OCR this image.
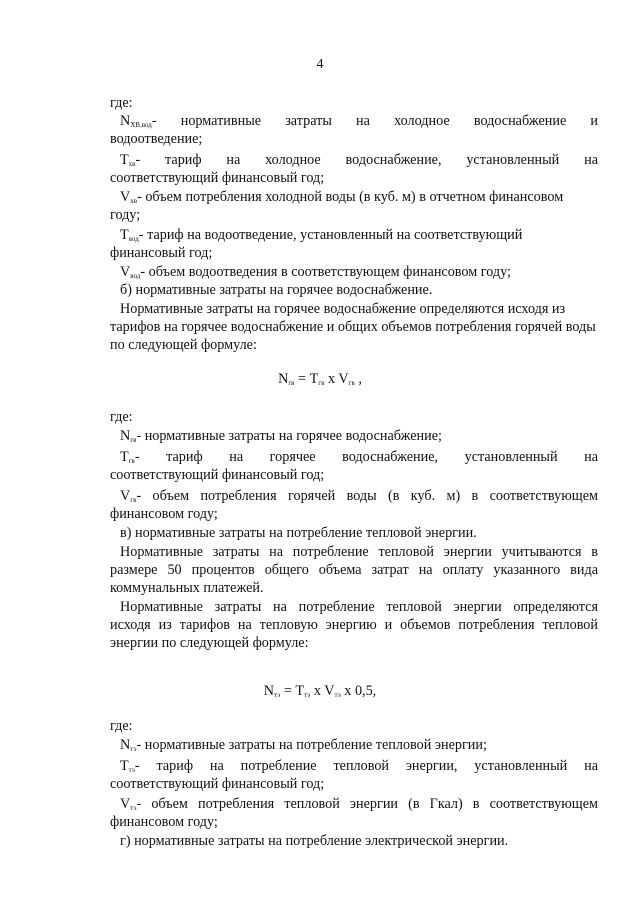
4
где:
$N_{ХВ,вод}-$ нормативные затраты на холодное водоснабжение и
водоотведение;
$Т_{хв}-$ тариф на холодное водоснабжение, установленный на
соответствующий финансовый год;
$V_{хв}-$ объем потребления холодной воды (в куб. м) в отчетном финансовом
году;
$Т_{вод}-$ тариф на водоотведение, установленный на соответствующий
финансовый год;
$V_{вод}-$ объем водоотведения в соответствующем финансовом году;
б) нормативные затраты на горячее водоснабжение.
Нормативные затраты на горячее водоснабжение определяются исходя из
тарифов на горячее водоснабжение и общих объемов потребления горячей воды
по следующей формуле:
$N_{гв} = Т_{гв}$ x $V_{гв}$ ,
где:
$N_{гв}-$ нормативные затраты на горячее водоснабжение;
$Т_{гв}-$ тариф на горячее водоснабжение, установленный на
соответствующий финансовый год;
$V_{гв}-$ объем потребления горячей воды (в куб. м) в соответствующем
финансовом году;
в) нормативные затраты на потребление тепловой энергии.
Нормативные затраты на потребление тепловой энергии учитываются в
размере 50 процентов общего объема затрат на оплату указанного вида
коммунальных платежей.
Нормативные затраты на потребление тепловой энергии определяются
исходя из тарифов на тепловую энергию и объемов потребления тепловой
энергии по следующей формуле:
$N_{тэ} = Т_{тэ}$ x $V_{тэ}$ x 0,5,
где:
$N_{тэ}-$ нормативные затраты на потребление тепловой энергии;
$Т_{тэ}-$ тариф на потребление тепловой энергии, установленный на
соответствующий финансовый год;
$V_{тэ}-$ объем потребления тепловой энергии (в Гкал) в соответствующем
финансовом году;
г) нормативные затраты на потребление электрической энергии.
